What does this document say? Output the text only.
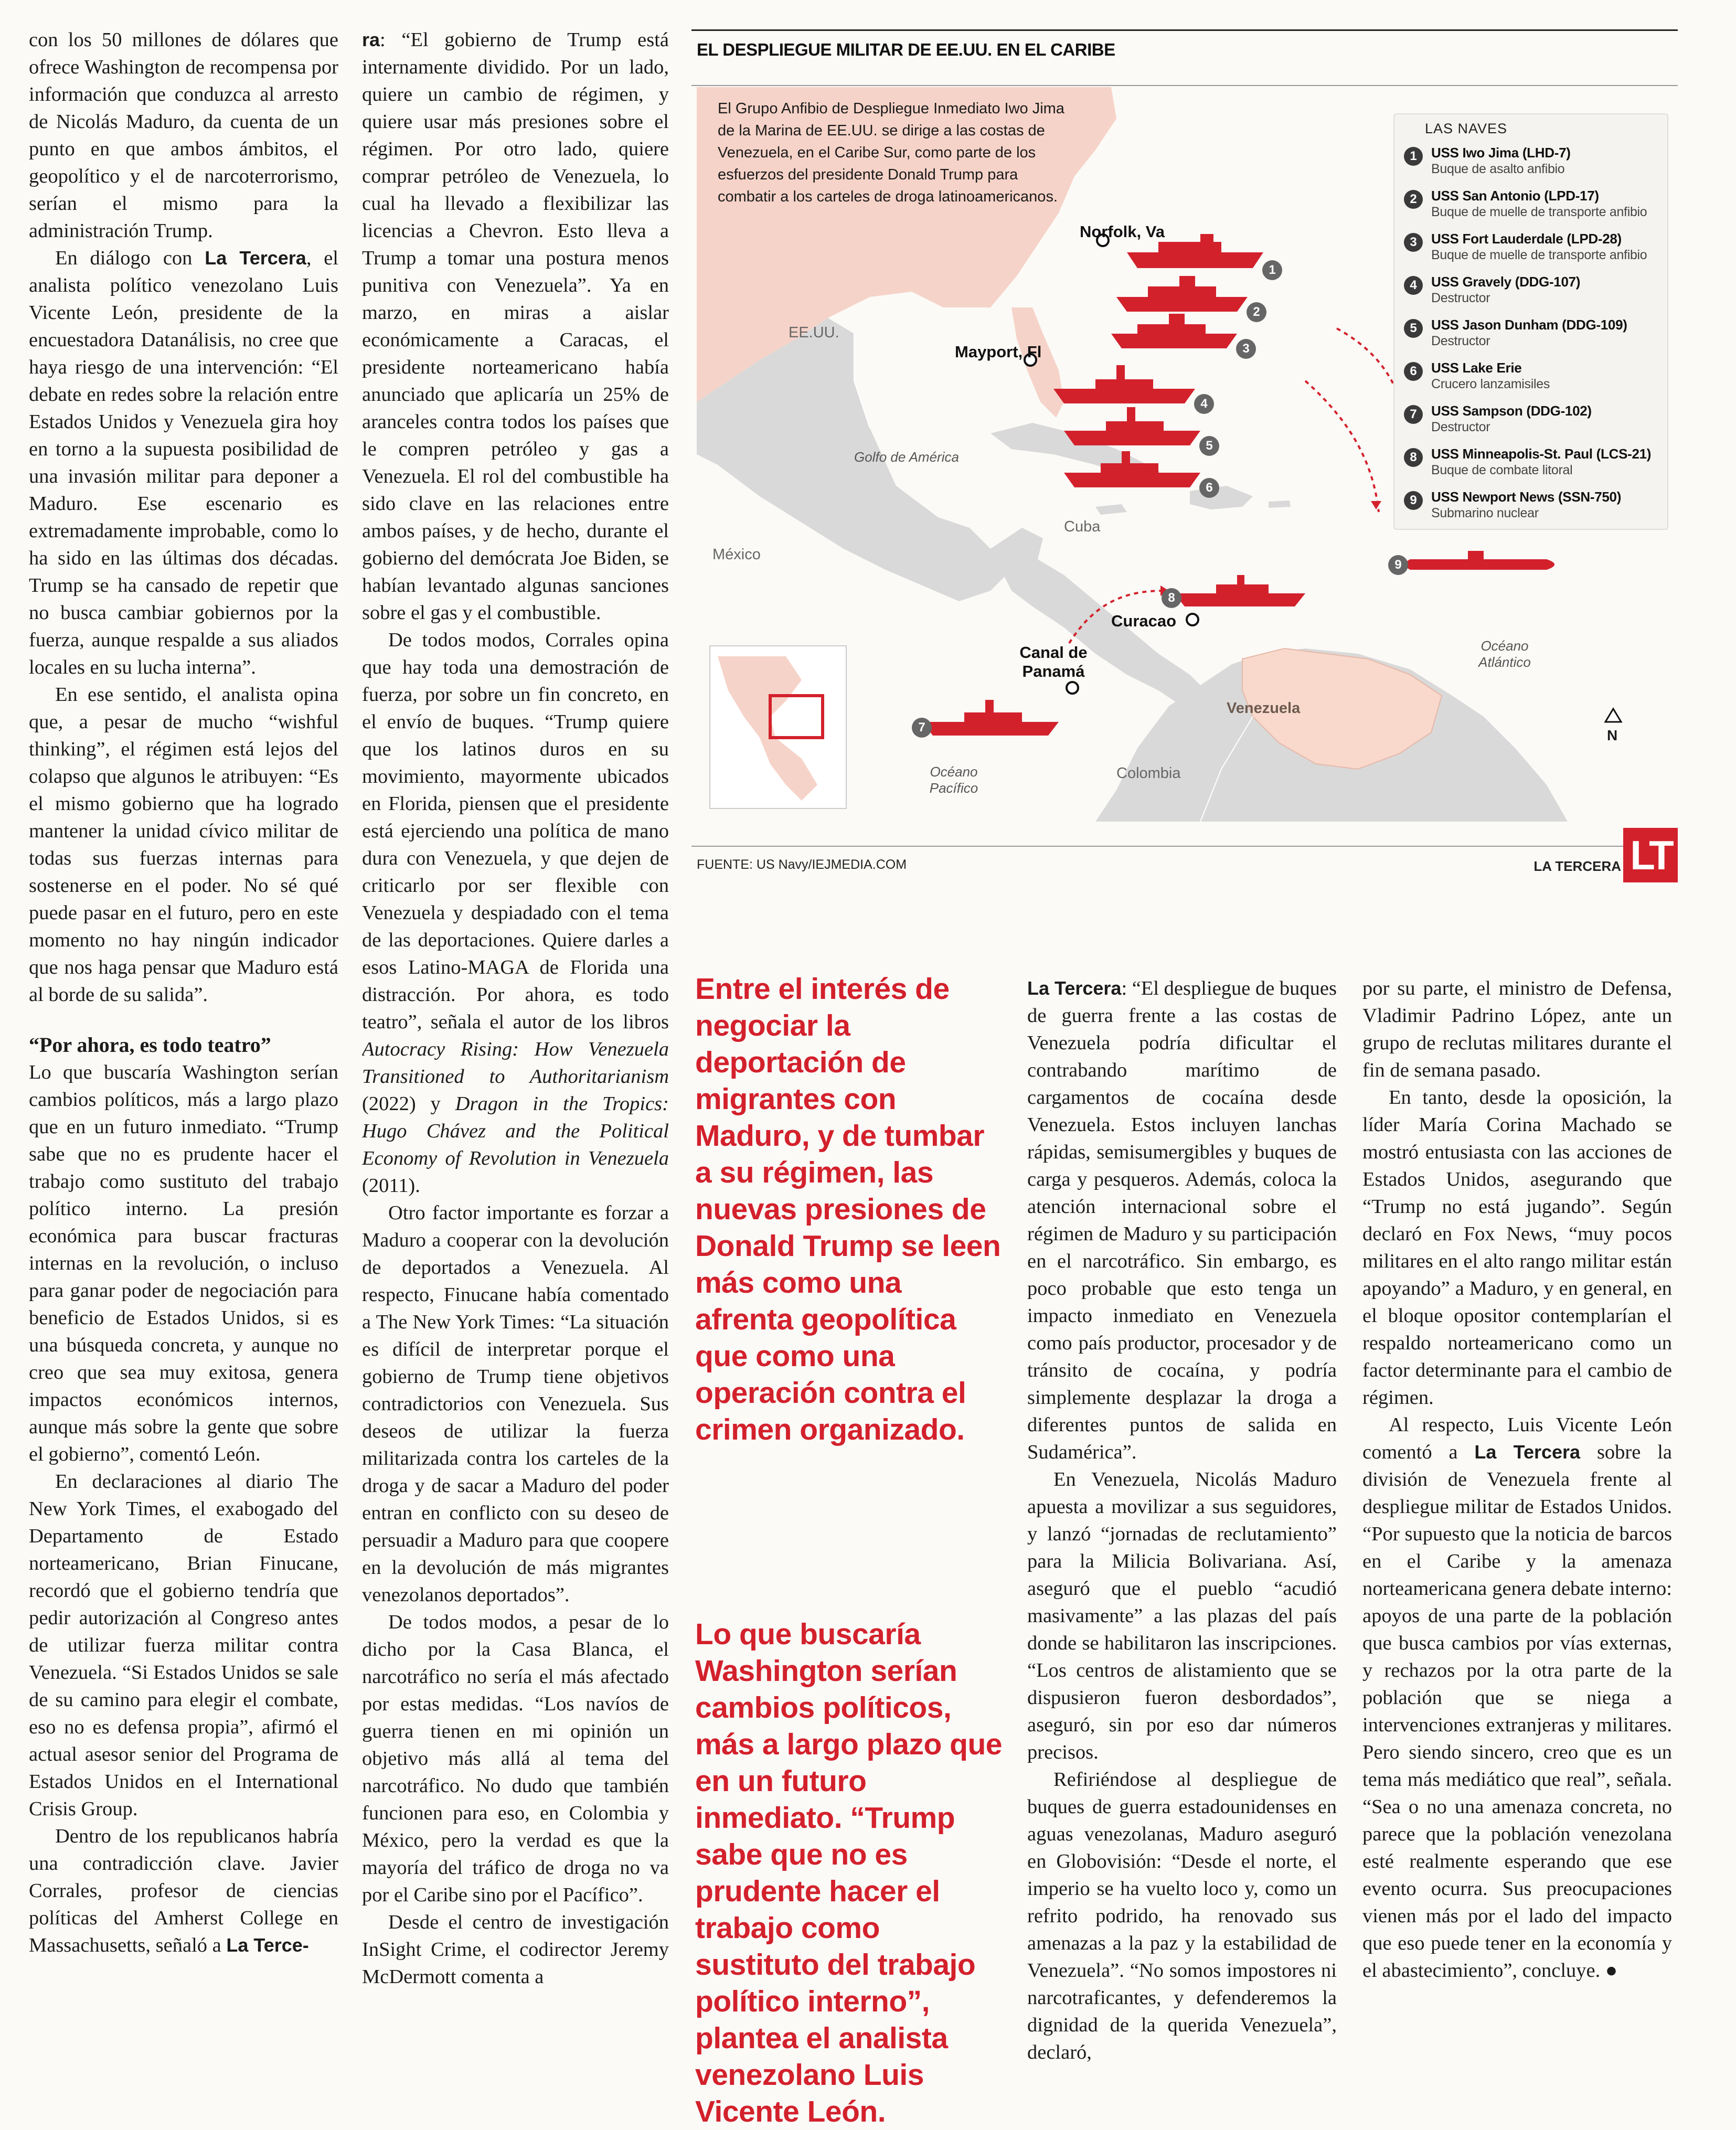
con los 50 millones de dólares que ofrece Washington de recompensa por información que conduzca al arresto de Nicolás Maduro, da cuenta de un punto en que ambos ámbitos, el geopolítico y el de narcoterrorismo, serían el mismo para la administración Trump.

En diálogo con La Tercera, el analista político venezolano Luis Vicente León, presidente de la encuestadora Datanálisis, no cree que haya riesgo de una intervención: “El debate en redes sobre la relación entre Estados Unidos y Venezuela gira hoy en torno a la supuesta posibilidad de una invasión militar para deponer a Maduro. Ese escenario es extremadamente improbable, como lo ha sido en las últimas dos décadas. Trump se ha cansado de repetir que no busca cambiar gobiernos por la fuerza, aunque respalde a sus aliados locales en su lucha interna”.

En ese sentido, el analista opina que, a pesar de mucho “wishful thinking”, el régimen está lejos del colapso que algunos le atribuyen: “Es el mismo gobierno que ha logrado mantener la unidad cívico militar de todas sus fuerzas internas para sostenerse en el poder. No sé qué puede pasar en el futuro, pero en este momento no hay ningún indicador que nos haga pensar que Maduro está al borde de su salida”.

“Por ahora, es todo teatro”

Lo que buscaría Washington serían cambios políticos, más a largo plazo que en un futuro inmediato. “Trump sabe que no es prudente hacer el trabajo como sustituto del trabajo político interno. La presión económica para buscar fracturas internas en la revolución, o incluso para ganar poder de negociación para beneficio de Estados Unidos, si es una búsqueda concreta, y aunque no creo que sea muy exitosa, genera impactos económicos internos, aunque más sobre la gente que sobre el gobierno”, comentó León.

En declaraciones al diario The New York Times, el exabogado del Departamento de Estado norteamericano, Brian Finucane, recordó que el gobierno tendría que pedir autorización al Congreso antes de utilizar fuerza militar contra Venezuela. “Si Estados Unidos se sale de su camino para elegir el combate, eso no es defensa propia”, afirmó el actual asesor senior del Programa de Estados Unidos en el International Crisis Group.

Dentro de los republicanos habría una contradicción clave. Javier Corrales, profesor de ciencias políticas del Amherst College en Massachusetts, señaló a La Terce-

ra: “El gobierno de Trump está internamente dividido. Por un lado, quiere un cambio de régimen, y quiere usar más presiones sobre el régimen. Por otro lado, quiere comprar petróleo de Venezuela, lo cual ha llevado a flexibilizar las licencias a Chevron. Esto lleva a Trump a tomar una postura menos punitiva con Venezuela”. Ya en marzo, en miras a aislar económicamente a Caracas, el presidente norteamericano había anunciado que aplicaría un 25% de aranceles contra todos los países que le compren petróleo y gas a Venezuela. El rol del combustible ha sido clave en las relaciones entre ambos países, y de hecho, durante el gobierno del demócrata Joe Biden, se habían levantado algunas sanciones sobre el gas y el combustible.

De todos modos, Corrales opina que hay toda una demostración de fuerza, por sobre un fin concreto, en el envío de buques. “Trump quiere que los latinos duros en su movimiento, mayormente ubicados en Florida, piensen que el presidente está ejerciendo una política de mano dura con Venezuela, y que dejen de criticarlo por ser flexible con Venezuela y despiadado con el tema de las deportaciones. Quiere darles a esos Latino-MAGA de Florida una distracción. Por ahora, es todo teatro”, señala el autor de los libros Autocracy Rising: How Venezuela Transitioned to Authoritarianism (2022) y Dragon in the Tropics: Hugo Chávez and the Political Economy of Revolution in Venezuela (2011).

Otro factor importante es forzar a Maduro a cooperar con la devolución de deportados a Venezuela. Al respecto, Finucane había comentado a The New York Times: “La situación es difícil de interpretar porque el gobierno de Trump tiene objetivos contradictorios con Venezuela. Sus deseos de utilizar la fuerza militarizada contra los carteles de la droga y de sacar a Maduro del poder entran en conflicto con su deseo de persuadir a Maduro para que coopere en la devolución de más migrantes venezolanos deportados”.

De todos modos, a pesar de lo dicho por la Casa Blanca, el narcotráfico no sería el más afectado por estas medidas. “Los navíos de guerra tienen en mi opinión un objetivo más allá al tema del narcotráfico. No dudo que también funcionen para eso, en Colombia y México, pero la verdad es que la mayoría del tráfico de droga no va por el Caribe sino por el Pacífico”.

Desde el centro de investigación InSight Crime, el codirector Jeremy McDermott comenta a

Entre el interés de negociar la deportación de migrantes con Maduro, y de tumbar a su régimen, las nuevas presiones de Donald Trump se leen más como una afrenta geopolítica que como una operación contra el crimen organizado.

Lo que buscaría Washington serían cambios políticos, más a largo plazo que en un futuro inmediato. “Trump sabe que no es prudente hacer el trabajo como sustituto del trabajo político interno”, plantea el analista venezolano Luis Vicente León.

La Tercera: “El despliegue de buques de guerra frente a las costas de Venezuela podría dificultar el contrabando marítimo de cargamentos de cocaína desde Venezuela. Estos incluyen lanchas rápidas, semisumergibles y buques de carga y pesqueros. Además, coloca la atención internacional sobre el régimen de Maduro y su participación en el narcotráfico. Sin embargo, es poco probable que esto tenga un impacto inmediato en Venezuela como país productor, procesador y de tránsito de cocaína, y podría simplemente desplazar la droga a diferentes puntos de salida en Sudamérica”.

En Venezuela, Nicolás Maduro apuesta a movilizar a sus seguidores, y lanzó “jornadas de reclutamiento” para la Milicia Bolivariana. Así, aseguró que el pueblo “acudió masivamente” a las plazas del país donde se habilitaron las inscripciones. “Los centros de alistamiento que se dispusieron fueron desbordados”, aseguró, sin por eso dar números precisos.

Refiriéndose al despliegue de buques de guerra estadounidenses en aguas venezolanas, Maduro aseguró en Globovisión: “Desde el norte, el imperio se ha vuelto loco y, como un refrito podrido, ha renovado sus amenazas a la paz y la estabilidad de Venezuela”. “No somos impostores ni narcotraficantes, y defenderemos la dignidad de la querida Venezuela”, declaró,

por su parte, el ministro de Defensa, Vladimir Padrino López, ante un grupo de reclutas militares durante el fin de semana pasado.

En tanto, desde la oposición, la líder María Corina Machado se mostró entusiasta con las acciones de Estados Unidos, asegurando que “Trump no está jugando”. Según declaró en Fox News, “muy pocos militares en el alto rango militar están apoyando” a Maduro, y en general, en el bloque opositor contemplarían el respaldo norteamericano como un factor determinante para el cambio de régimen.

Al respecto, Luis Vicente León comentó a La Tercera sobre la división de Venezuela frente al despliegue militar de Estados Unidos. “Por supuesto que la noticia de barcos en el Caribe y la amenaza norteamericana genera debate interno: apoyos de una parte de la población que busca cambios por vías externas, y rechazos por la otra parte de la población que se niega a intervenciones extranjeras y militares. Pero siendo sincero, creo que es un tema más mediático que real”, señala. “Sea o no una amenaza concreta, no parece que la población venezolana esté realmente esperando que ese evento ocurra. Sus preocupaciones vienen más por el lado del impacto que eso puede tener en la economía y el abastecimiento”, concluye. ●

EL DESPLIEGUE MILITAR DE EE.UU. EN EL CARIBE
El Grupo Anfibio de Despliegue Inmediato Iwo Jima de la Marina de EE.UU. se dirige a las costas de Venezuela, en el Caribe Sur, como parte de los esfuerzos del presidente Donald Trump para combatir a los carteles de droga latinoamericanos.
Norfolk, Va
Mayport, Fl
EE.UU.
Golfo de América
México
Cuba
Curacao
Canal de Panamá
Venezuela
Colombia
Océano Pacífico
Océano Atlántico
1
2
3
4
5
6
7
8
9
N
LAS NAVES
1	USS Iwo Jima (LHD-7)
Buque de asalto anfibio
2	USS San Antonio (LPD-17)
Buque de muelle de transporte anfibio
3	USS Fort Lauderdale (LPD-28)
Buque de muelle de transporte anfibio
4	USS Gravely (DDG-107)
Destructor
5	USS Jason Dunham (DDG-109)
Destructor
6	USS Lake Erie
Crucero lanzamisiles
7	USS Sampson (DDG-102)
Destructor
8	USS Minneapolis-St. Paul (LCS-21)
Buque de combate litoral
9	USS Newport News (SSN-750)
Submarino nuclear
FUENTE: US Navy/IEJMEDIA.COM	LA TERCERA LT
